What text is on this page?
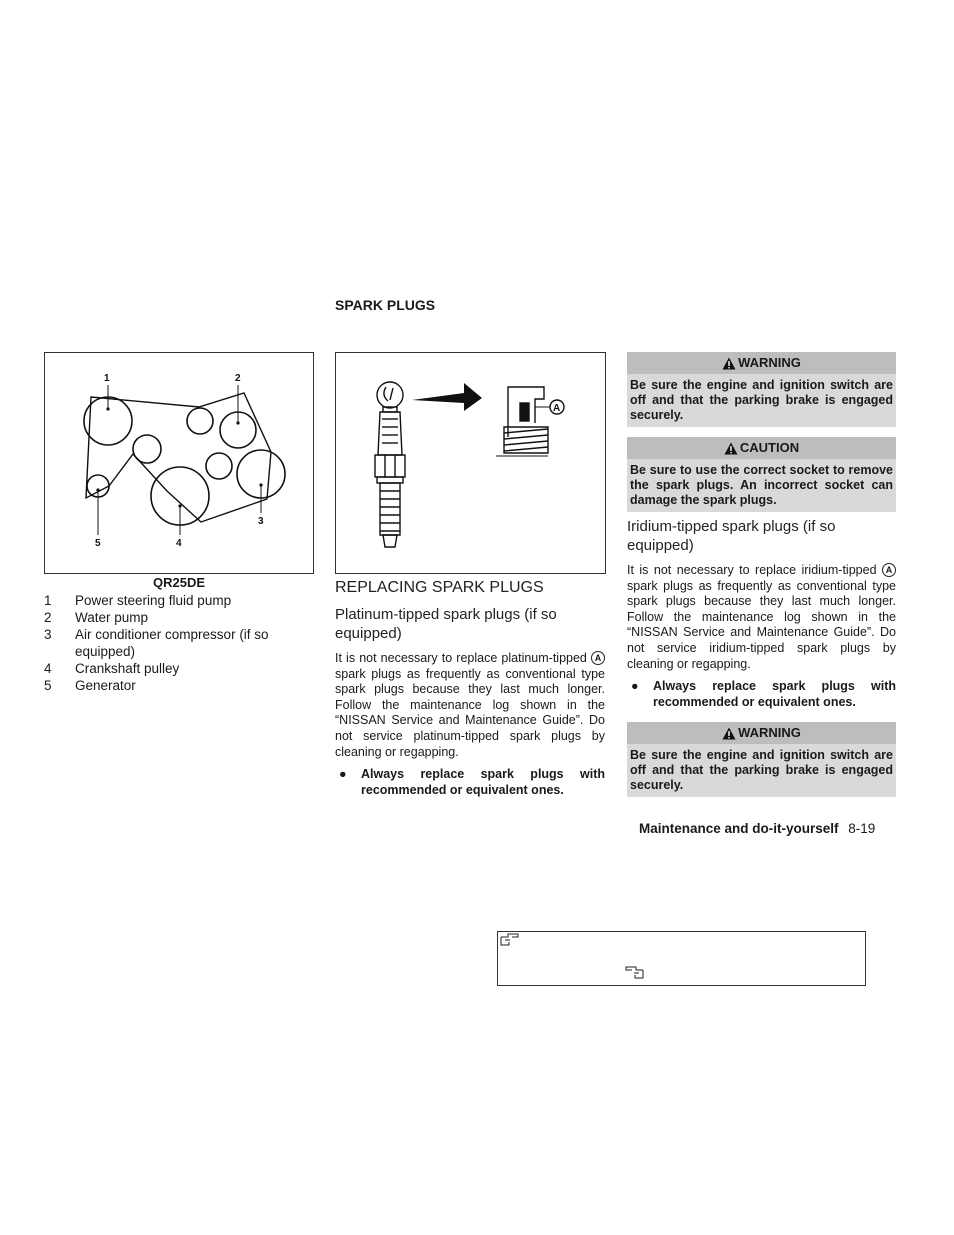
SPARK PLUGS
1	2
3
4
5
QR25DE
1	Power steering fluid pump
2	Water pump
3	Air conditioner compressor (if so equipped)
4	Crankshaft pulley
5	Generator
A
REPLACING SPARK PLUGS
Platinum-tipped spark plugs (if so equipped)
It is not necessary to replace platinum-tipped A spark plugs as frequently as conventional type spark plugs because they last much longer. Follow the maintenance log shown in the “NISSAN Service and Maintenance Guide”. Do not service platinum-tipped spark plugs by cleaning or regapping.
●	Always replace spark plugs with recommended or equivalent ones.
WARNING
Be sure the engine and ignition switch are off and that the parking brake is engaged securely.
CAUTION
Be sure to use the correct socket to remove the spark plugs. An incorrect socket can damage the spark plugs.
Iridium-tipped spark plugs (if so equipped)
It is not necessary to replace iridium-tipped A spark plugs as frequently as conventional type spark plugs because they last much longer. Follow the maintenance log shown in the “NISSAN Service and Maintenance Guide”. Do not service iridium-tipped spark plugs by cleaning or regapping.
●	Always replace spark plugs with recommended or equivalent ones.
WARNING
Be sure the engine and ignition switch are off and that the parking brake is engaged securely.
Maintenance and do-it-yourself 8-19
